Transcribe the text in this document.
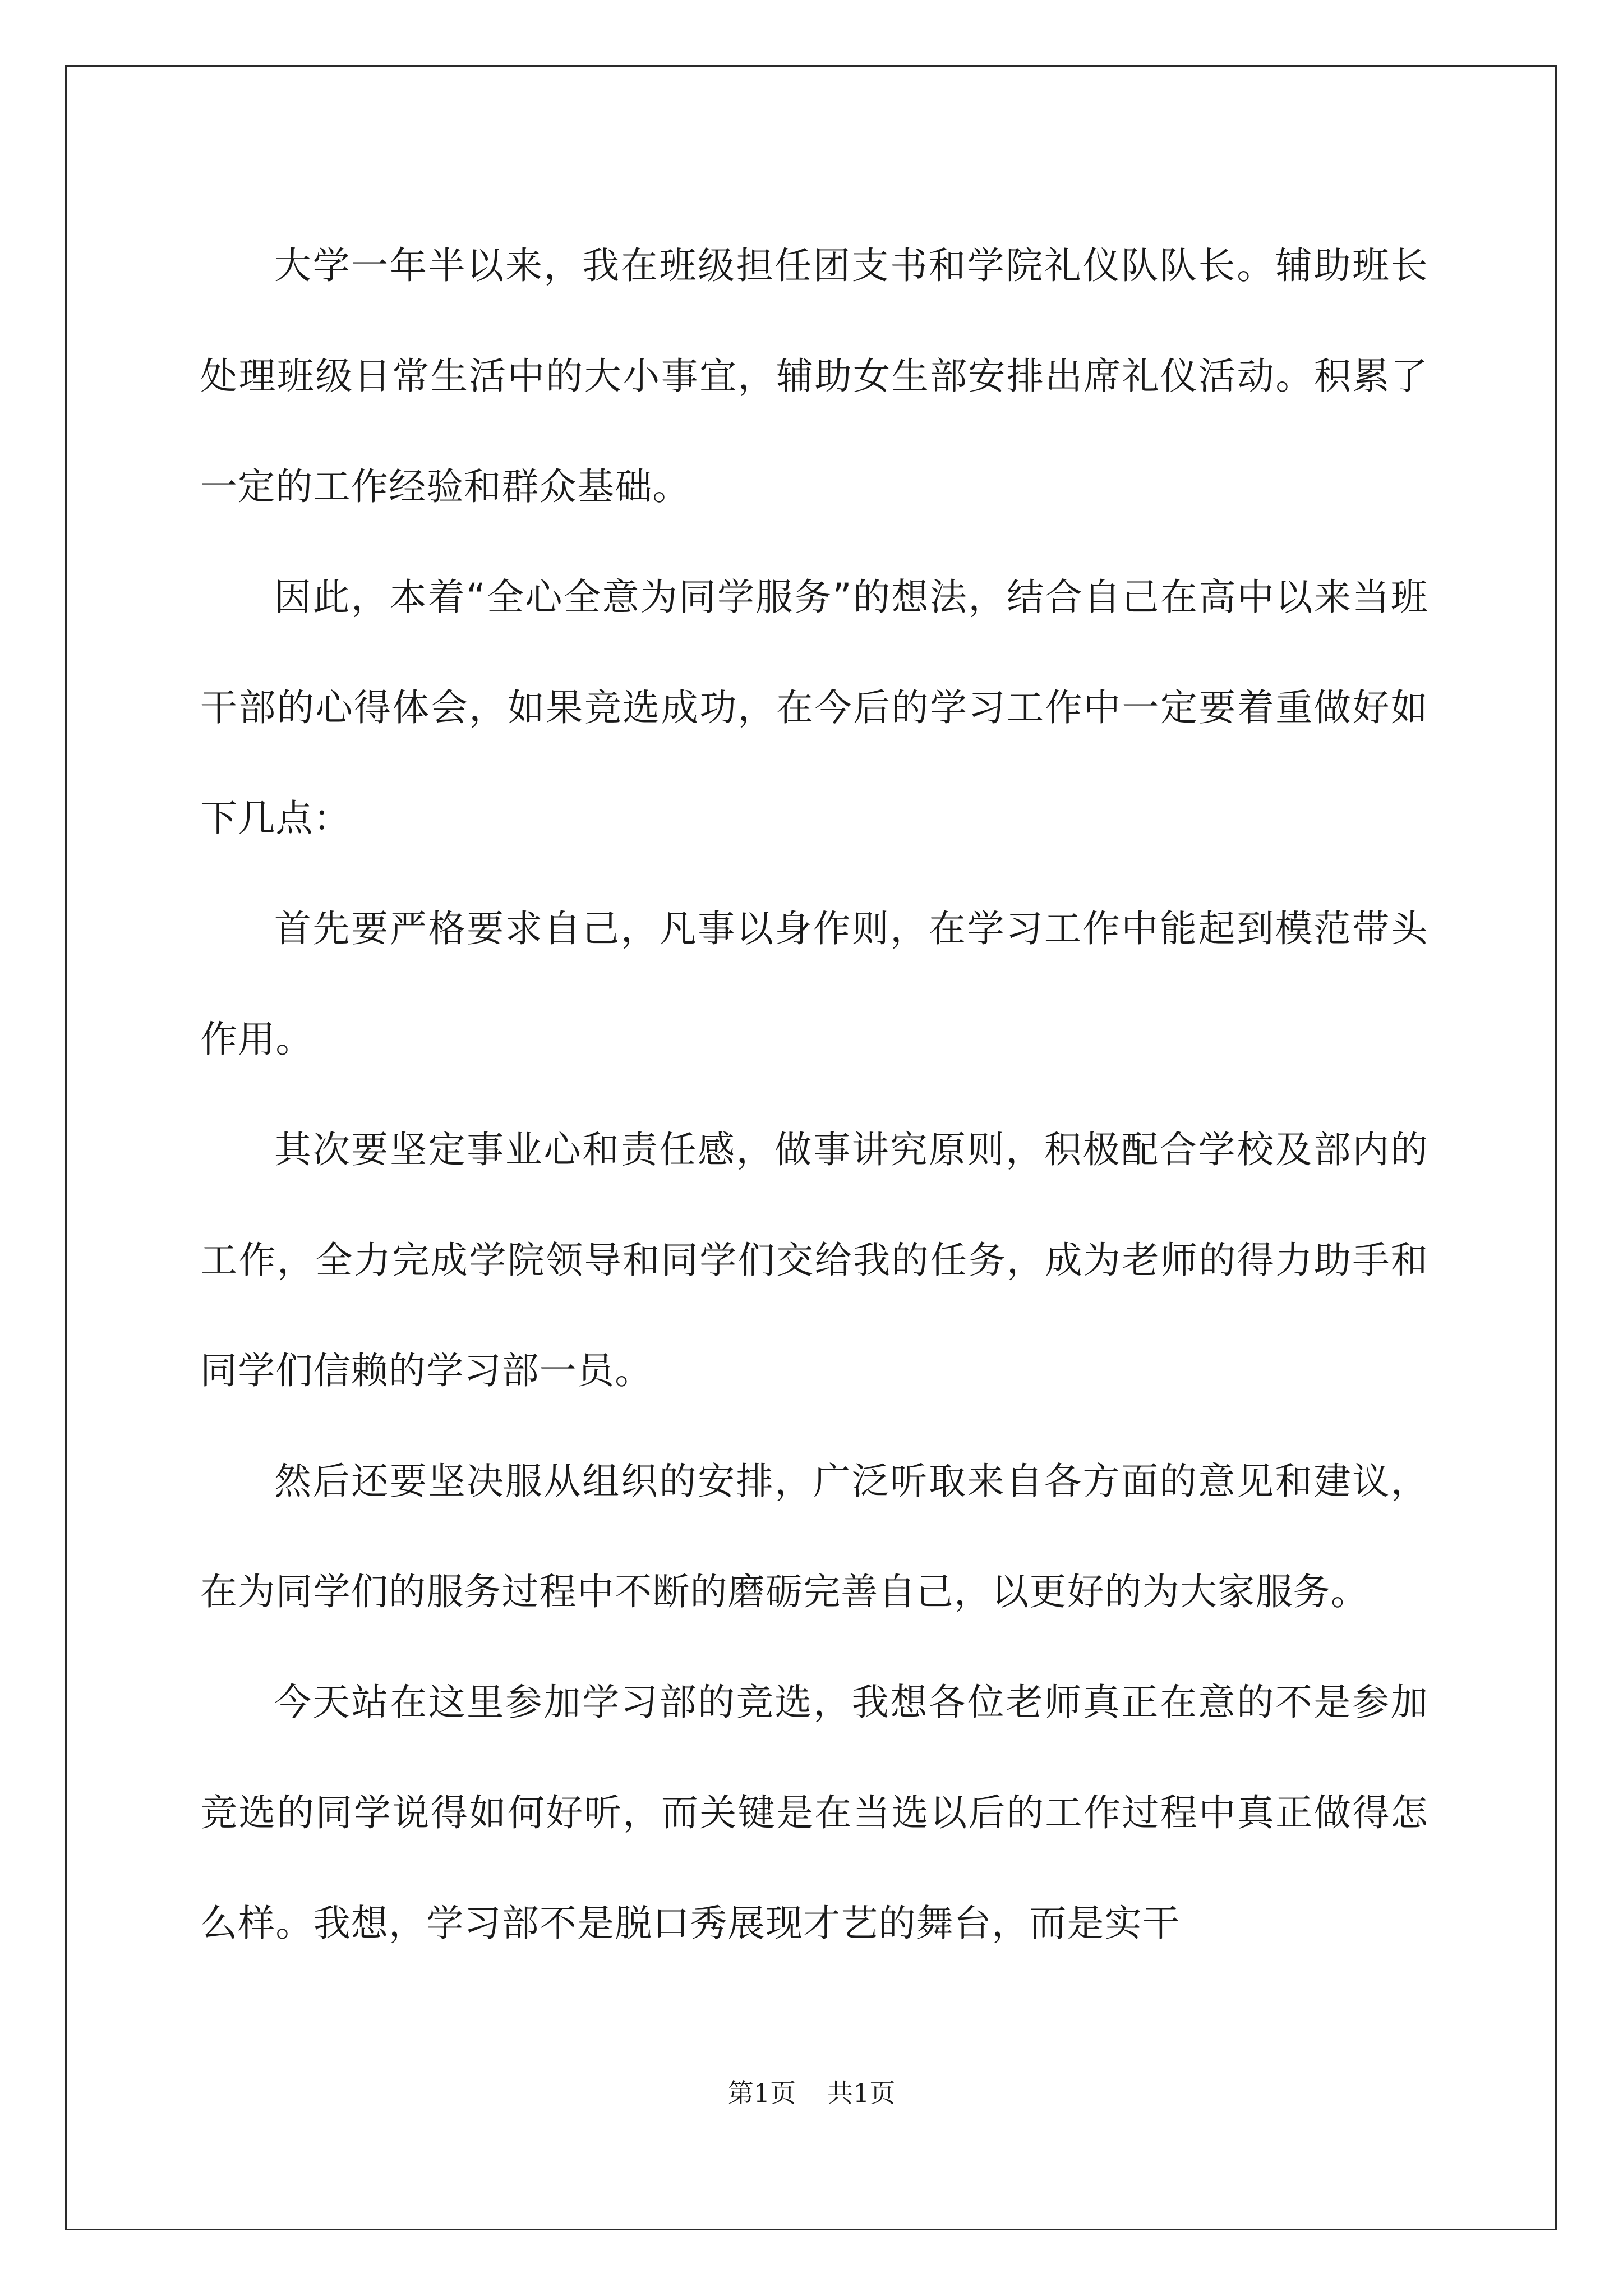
大学一年半以来，我在班级担任团支书和学院礼仪队队长。辅助班长处理班级日常生活中的大小事宜，辅助女生部安排出席礼仪活动。积累了一定的工作经验和群众基础。

因此，本着“全心全意为同学服务”的想法，结合自己在高中以来当班干部的心得体会，如果竞选成功，在今后的学习工作中一定要着重做好如下几点：

首先要严格要求自己，凡事以身作则，在学习工作中能起到模范带头作用。

其次要坚定事业心和责任感，做事讲究原则，积极配合学校及部内的工作，全力完成学院领导和同学们交给我的任务，成为老师的得力助手和同学们信赖的学习部一员。

然后还要坚决服从组织的安排，广泛听取来自各方面的意见和建议，在为同学们的服务过程中不断的磨砺完善自己，以更好的为大家服务。

今天站在这里参加学习部的竞选，我想各位老师真正在意的不是参加竞选的同学说得如何好听，而关键是在当选以后的工作过程中真正做得怎么样。我想，学习部不是脱口秀展现才艺的舞台，而是实干

第1页 共1页
